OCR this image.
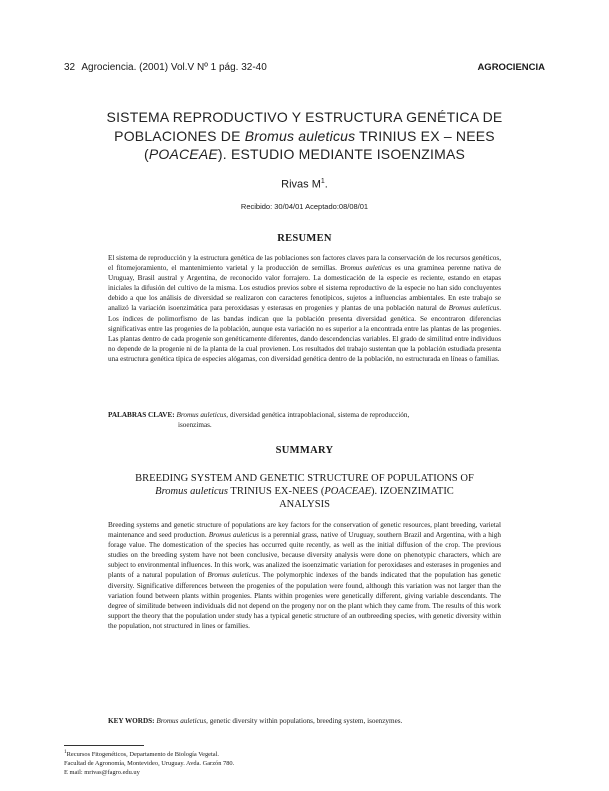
32 Agrociencia. (2001) Vol.V Nº 1 pág. 32-40	AGROCIENCIA
SISTEMA REPRODUCTIVO Y ESTRUCTURA GENÉTICA DE
POBLACIONES DE Bromus auleticus TRINIUS EX – NEES
(POACEAE). ESTUDIO MEDIANTE ISOENZIMAS
Rivas $M^1$.
Recibido: 30/04/01 Aceptado:08/08/01
RESUMEN
El sistema de reproducción y la estructura genética de las poblaciones son factores claves para la conservación de los recursos genéticos, el fitomejoramiento, el mantenimiento varietal y la producción de semillas. Bromus auleticus es una gramínea perenne nativa de Uruguay, Brasil austral y Argentina, de reconocido valor forrajero. La domesticación de la especie es reciente, estando en etapas iniciales la difusión del cultivo de la misma. Los estudios previos sobre el sistema reproductivo de la especie no han sido concluyentes debido a que los análisis de diversidad se realizaron con caracteres fenotípicos, sujetos a influencias ambientales. En este trabajo se analizó la variación isoenzimática para peroxidasas y esterasas en progenies y plantas de una población natural de Bromus auleticus. Los índices de polimorfismo de las bandas indican que la población presenta diversidad genética. Se encontraron diferencias significativas entre las progenies de la población, aunque esta variación no es superior a la encontrada entre las plantas de las progenies. Las plantas dentro de cada progenie son genéticamente diferentes, dando descendencias variables. El grado de similitud entre individuos no depende de la progenie ni de la planta de la cual provienen. Los resultados del trabajo sustentan que la población estudiada presenta una estructura genética típica de especies alógamas, con diversidad genética dentro de la población, no estructurada en líneas o familias.
PALABRAS CLAVE: Bromus auleticus, diversidad genética intrapoblacional, sistema de reproducción,
isoenzimas.
SUMMARY
BREEDING SYSTEM AND GENETIC STRUCTURE OF POPULATIONS OF
Bromus auleticus TRINIUS EX-NEES (POACEAE). IZOENZIMATIC
ANALYSIS
Breeding systems and genetic structure of populations are key factors for the conservation of genetic resources, plant breeding, varietal maintenance and seed production. Bromus auleticus is a perennial grass, native of Uruguay, southern Brazil and Argentina, with a high forage value. The domestication of the species has occurred quite recently, as well as the initial diffusion of the crop. The previous studies on the breeding system have not been conclusive, because diversity analysis were done on phenotypic characters, which are subject to environmental influences. In this work, was analized the isoenzimatic variation for peroxidases and esterases in progenies and plants of a natural population of Bromus auleticus. The polymorphic indexes of the bands indicated that the population has genetic diversity. Significative differences between the progenies of the population were found, although this variation was not larger than the variation found between plants within progenies. Plants within progenies were genetically different, giving variable descendants. The degree of similitude between individuals did not depend on the progeny nor on the plant which they came from. The results of this work support the theory that the population under study has a typical genetic structure of an outbreeding species, with genetic diversity within the population, not structured in lines or families.
KEY WORDS: Bromus auleticus, genetic diversity within populations, breeding system, isoenzymes.
$^1$Recursos Fitogenéticos, Departamento de Biología Vegetal.
Facultad de Agronomía, Montevideo, Uruguay. Avda. Garzón 780.
E mail: mrivas@fagro.edu.uy
